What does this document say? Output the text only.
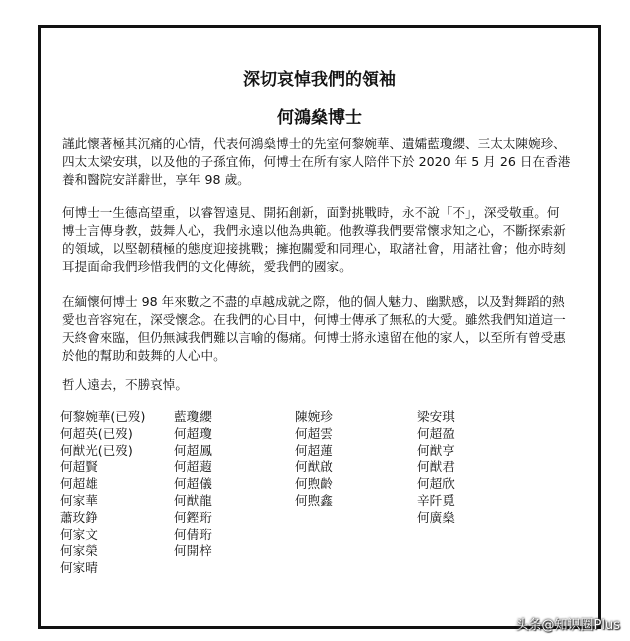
深切哀悼我們的領袖
何鴻燊博士

謹此懷著極其沉痛的心情，代表何鴻燊博士的先室何黎婉華、遺孀藍瓊纓、三太太陳婉珍、
四太太梁安琪，以及他的子孫宜佈，何博士在所有家人陪伴下於 2020 年 5 月 26 日在香港
養和醫院安詳辭世，享年 98 歲。

何博士一生德高望重，以睿智遠見、開拓創新，面對挑戰時，永不說「不」，深受敬重。何
博士言傳身教，鼓舞人心，我們永遠以他為典範。他教導我們要常懷求知之心，不斷探索新
的領域，以堅韌積極的態度迎接挑戰；擁抱關愛和同理心，取諸社會，用諸社會；他亦時刻
耳提面命我們珍惜我們的文化傳統，愛我們的國家。

在緬懷何博士 98 年來數之不盡的卓越成就之際，他的個人魅力、幽默感，以及對舞蹈的熱
愛也音容宛在，深受懷念。在我們的心目中，何博士傳承了無私的大愛。雖然我們知道這一
天終會來臨，但仍無減我們難以言喻的傷痛。何博士將永遠留在他的家人，以至所有曾受惠
於他的幫助和鼓舞的人心中。

哲人遠去，不勝哀悼。

何黎婉華(已歿)
何超英(已歿)
何猷光(已歿)
何超賢
何超雄
何家華
蕭玫錚
何家文
何家榮
何家晴
藍瓊纓
何超瓊
何超鳳
何超蕸
何超儀
何猷龍
何鏗珩
何倩珩
何開梓
陳婉珍
何超雲
何超蓮
何猷啟
何煦齡
何煦鑫
梁安琪
何超盈
何猷亨
何猷君
何超欣
辛阡覓
何廣燊
头条@知识圈Plus
